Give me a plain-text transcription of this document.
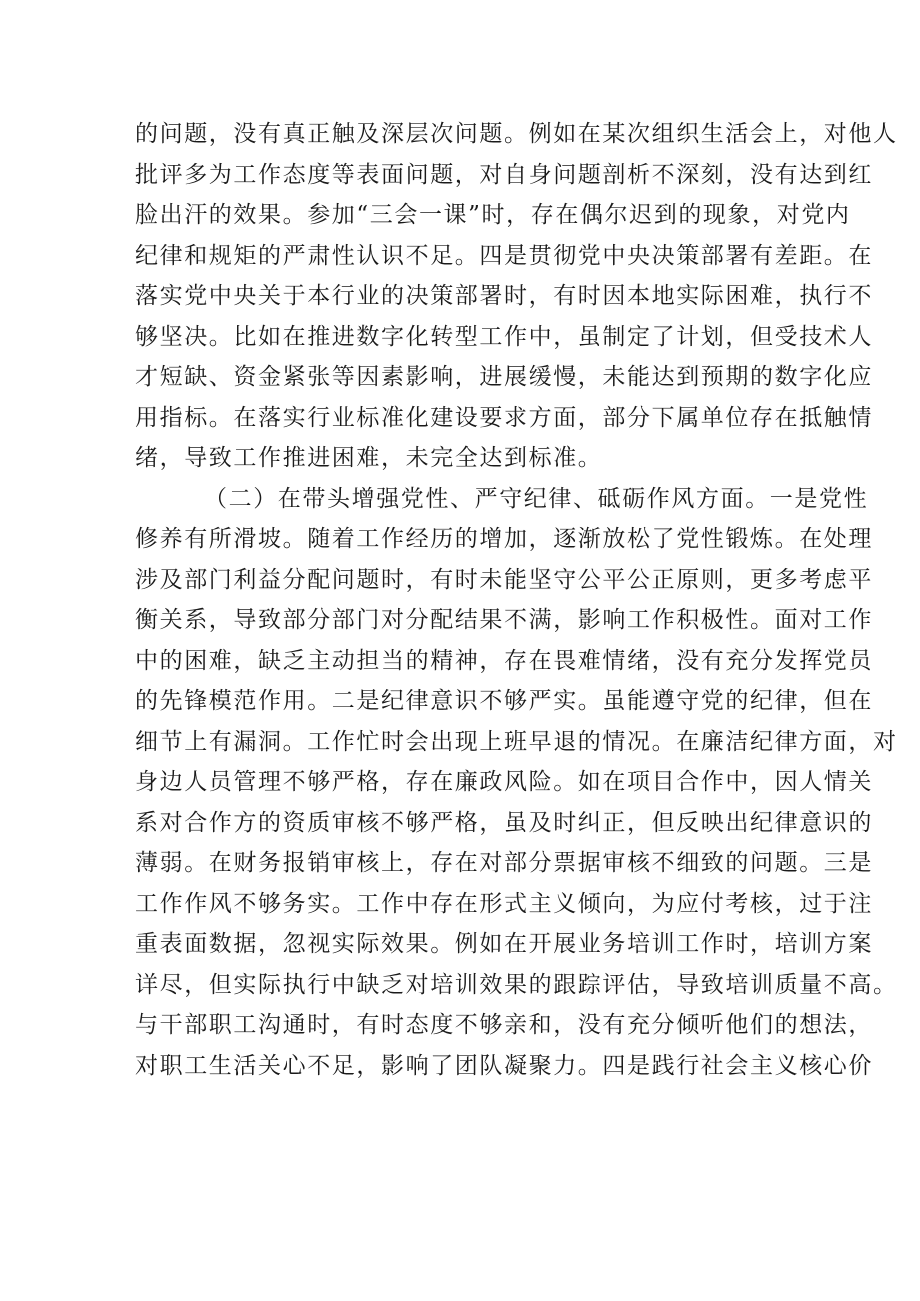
的问题，没有真正触及深层次问题。例如在某次组织生活会上，对他人
批评多为工作态度等表面问题，对自身问题剖析不深刻，没有达到红
脸出汗的效果。参加“三会一课”时，存在偶尔迟到的现象，对党内
纪律和规矩的严肃性认识不足。四是贯彻党中央决策部署有差距。在
落实党中央关于本行业的决策部署时，有时因本地实际困难，执行不
够坚决。比如在推进数字化转型工作中，虽制定了计划，但受技术人
才短缺、资金紧张等因素影响，进展缓慢，未能达到预期的数字化应
用指标。在落实行业标准化建设要求方面，部分下属单位存在抵触情
绪，导致工作推进困难，未完全达到标准。
（二）在带头增强党性、严守纪律、砥砺作风方面。一是党性
修养有所滑坡。随着工作经历的增加，逐渐放松了党性锻炼。在处理
涉及部门利益分配问题时，有时未能坚守公平公正原则，更多考虑平
衡关系，导致部分部门对分配结果不满，影响工作积极性。面对工作
中的困难，缺乏主动担当的精神，存在畏难情绪，没有充分发挥党员
的先锋模范作用。二是纪律意识不够严实。虽能遵守党的纪律，但在
细节上有漏洞。工作忙时会出现上班早退的情况。在廉洁纪律方面，对
身边人员管理不够严格，存在廉政风险。如在项目合作中，因人情关
系对合作方的资质审核不够严格，虽及时纠正，但反映出纪律意识的
薄弱。在财务报销审核上，存在对部分票据审核不细致的问题。三是
工作作风不够务实。工作中存在形式主义倾向，为应付考核，过于注
重表面数据，忽视实际效果。例如在开展业务培训工作时，培训方案
详尽，但实际执行中缺乏对培训效果的跟踪评估，导致培训质量不高。
与干部职工沟通时，有时态度不够亲和，没有充分倾听他们的想法，
对职工生活关心不足，影响了团队凝聚力。四是践行社会主义核心价
